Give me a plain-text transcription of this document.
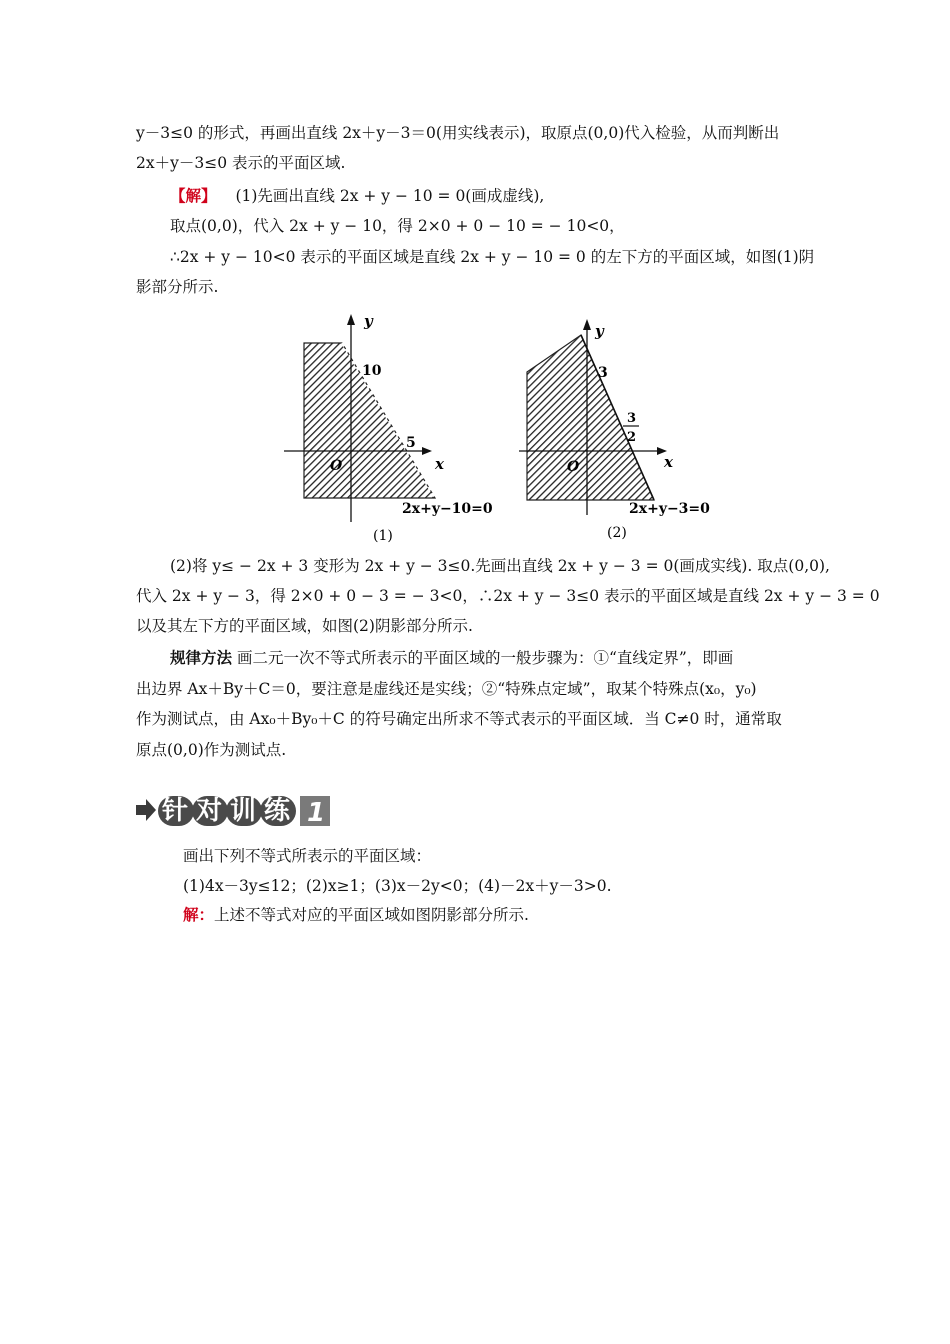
y－3≤0 的形式，再画出直线 2x＋y－3＝0(用实线表示)，取原点(0,0)代入检验，从而判断出
2x＋y－3≤0 表示的平面区域.
【解】 (1)先画出直线 2x + y − 10 = 0(画成虚线),
取点(0,0)，代入 2x + y − 10，得 2×0 + 0 − 10 = − 10<0，
∴2x + y − 10<0 表示的平面区域是直线 2x + y − 10 = 0 的左下方的平面区域，如图(1)阴
影部分所示.
y
x
O
10
5
2x+y−10=0
(1)
y
x
O
3
3
2
2x+y−3=0
(2)
(2)将 y≤ − 2x + 3 变形为 2x + y − 3≤0.先画出直线 2x + y − 3 = 0(画成实线). 取点(0,0),
代入 2x + y − 3，得 2×0 + 0 − 3 = − 3<0，∴2x + y − 3≤0 表示的平面区域是直线 2x + y − 3 = 0
以及其左下方的平面区域，如图(2)阴影部分所示.
规律方法 画二元一次不等式所表示的平面区域的一般步骤为：①“直线定界”，即画
出边界 Ax＋By＋C＝0，要注意是虚线还是实线；②“特殊点定域”，取某个特殊点(x₀，y₀)
作为测试点，由 Ax₀＋By₀＋C 的符号确定出所求不等式表示的平面区域．当 C≠0 时，通常取
原点(0,0)作为测试点.
针对训练 1
画出下列不等式所表示的平面区域：
(1)4x－3y≤12；(2)x≥1；(3)x－2y<0；(4)－2x＋y－3>0.
解：上述不等式对应的平面区域如图阴影部分所示.
